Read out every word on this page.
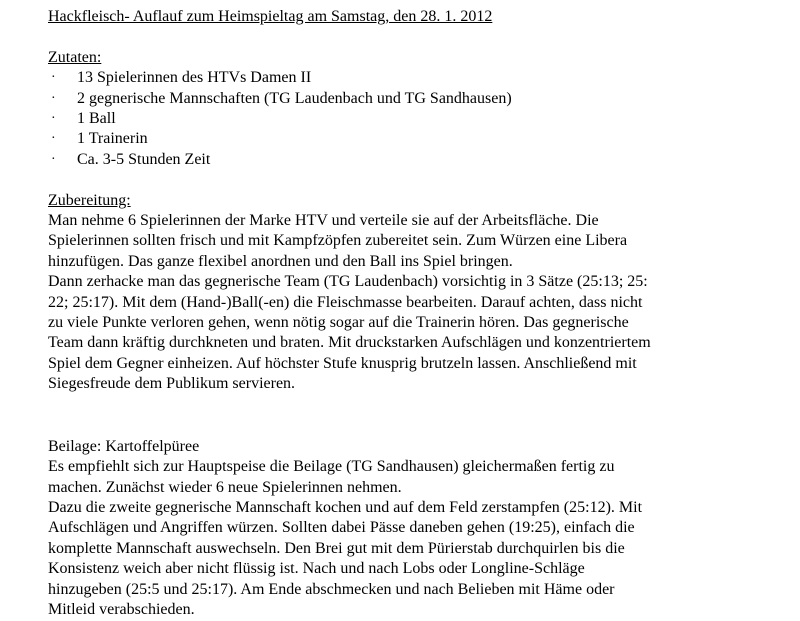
Hackfleisch- Auflauf zum Heimspieltag am Samstag, den 28. 1. 2012
Zutaten:
· 13 Spielerinnen des HTVs Damen II
· 2 gegnerische Mannschaften (TG Laudenbach und TG Sandhausen)
· 1 Ball
· 1 Trainerin
· Ca. 3-5 Stunden Zeit
Zubereitung:
Man nehme 6 Spielerinnen der Marke HTV und verteile sie auf der Arbeitsfläche. Die
Spielerinnen sollten frisch und mit Kampfzöpfen zubereitet sein. Zum Würzen eine Libera
hinzufügen. Das ganze flexibel anordnen und den Ball ins Spiel bringen.
Dann zerhacke man das gegnerische Team (TG Laudenbach) vorsichtig in 3 Sätze (25:13; 25:
22; 25:17). Mit dem (Hand-)Ball(-en) die Fleischmasse bearbeiten. Darauf achten, dass nicht
zu viele Punkte verloren gehen, wenn nötig sogar auf die Trainerin hören. Das gegnerische
Team dann kräftig durchkneten und braten. Mit druckstarken Aufschlägen und konzentriertem
Spiel dem Gegner einheizen. Auf höchster Stufe knusprig brutzeln lassen. Anschließend mit
Siegesfreude dem Publikum servieren.
Beilage: Kartoffelpüree
Es empfiehlt sich zur Hauptspeise die Beilage (TG Sandhausen) gleichermaßen fertig zu
machen. Zunächst wieder 6 neue Spielerinnen nehmen.
Dazu die zweite gegnerische Mannschaft kochen und auf dem Feld zerstampfen (25:12). Mit
Aufschlägen und Angriffen würzen. Sollten dabei Pässe daneben gehen (19:25), einfach die
komplette Mannschaft auswechseln. Den Brei gut mit dem Pürierstab durchquirlen bis die
Konsistenz weich aber nicht flüssig ist. Nach und nach Lobs oder Longline-Schläge
hinzugeben (25:5 und 25:17). Am Ende abschmecken und nach Belieben mit Häme oder
Mitleid verabschieden.
